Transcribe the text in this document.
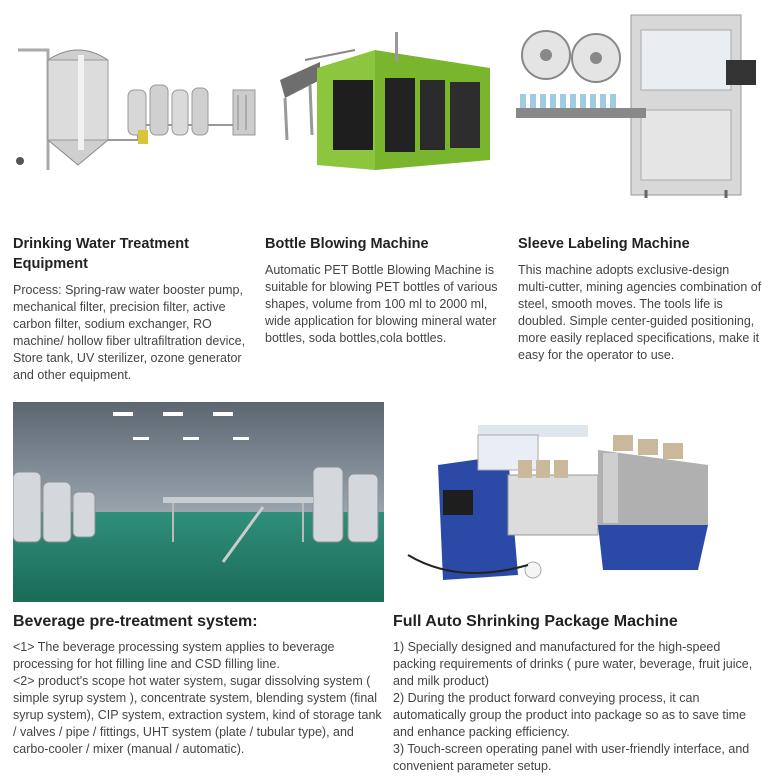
Drinking Water Treatment Equipment
Process: Spring-raw water booster pump, mechanical filter, precision filter, active carbon filter, sodium exchanger, RO machine/ hollow fiber ultrafiltration device, Store tank, UV sterilizer, ozone generator and other equipment.
Bottle Blowing Machine
Automatic PET Bottle Blowing Machine is suitable for blowing PET bottles of various shapes, volume from 100 ml to 2000 ml, wide application for blowing mineral water bottles, soda bottles,cola bottles.
Sleeve Labeling Machine
This machine adopts exclusive-design multi-cutter, mining agencies combination of steel, smooth moves. The tools life is doubled. Simple center-guided positioning, more easily replaced specifications, make it easy for the operator to use.
Beverage pre-treatment system:
<1> The beverage processing system applies to beverage processing for hot filling line and CSD filling line.
<2> product's scope hot water system, sugar dissolving system ( simple syrup system ), concentrate system, blending system (final syrup system), CIP system, extraction system, kind of storage tank / valves / pipe / fittings, UHT system (plate / tubular type), and carbo-cooler / mixer (manual / automatic).
Full Auto Shrinking Package Machine
1) Specially designed and manufactured for the high-speed packing requirements of drinks ( pure water, beverage, fruit juice, and milk product)
2) During the product forward conveying process, it can automatically group the product into package so as to save time and enhance packing efficiency.
3) Touch-screen operating panel with user-friendly interface, and convenient parameter setup.
